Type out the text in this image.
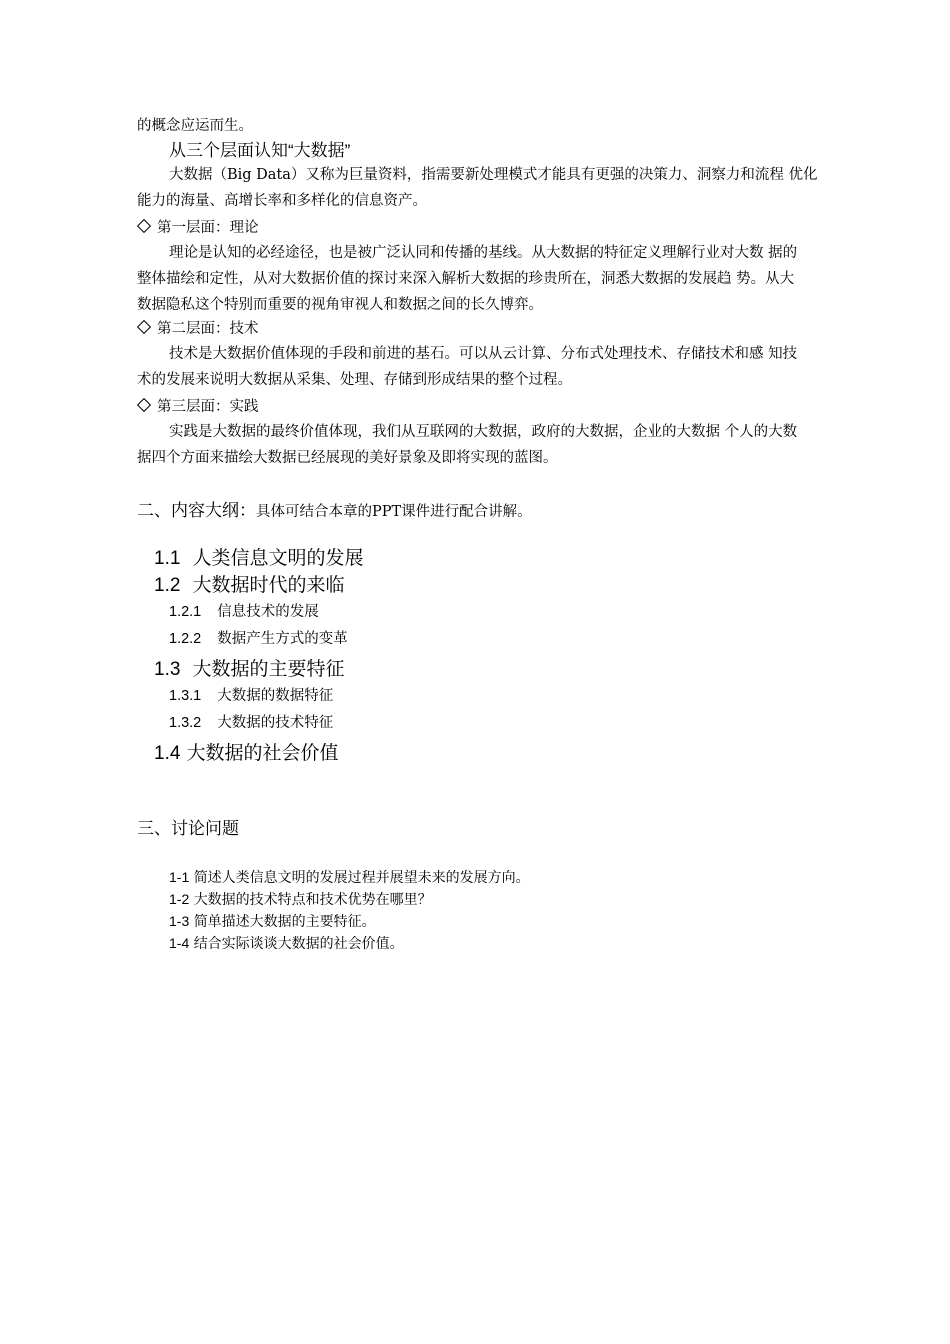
的概念应运而生。
从三个层面认知“大数据”
大数据（Big Data）又称为巨量资料，指需要新处理模式才能具有更强的决策力、洞察力和流程 优化
能力的海量、高增长率和多样化的信息资产。
第一层面：理论
理论是认知的必经途径，也是被广泛认同和传播的基线。从大数据的特征定义理解行业对大数 据的
整体描绘和定性，从对大数据价值的探讨来深入解析大数据的珍贵所在，洞悉大数据的发展趋 势。从大
数据隐私这个特别而重要的视角审视人和数据之间的长久博弈。
第二层面：技术
技术是大数据价值体现的手段和前进的基石。可以从云计算、分布式处理技术、存储技术和感 知技
术的发展来说明大数据从采集、处理、存储到形成结果的整个过程。
第三层面：实践
实践是大数据的最终价值体现，我们从互联网的大数据，政府的大数据，企业的大数据 个人的大数
据四个方面来描绘大数据已经展现的美好景象及即将实现的蓝图。
二、内容大纲：具体可结合本章的PPT课件进行配合讲解。
1.1 人类信息文明的发展
1.2 大数据时代的来临
1.2.1 信息技术的发展
1.2.2 数据产生方式的变革
1.3 大数据的主要特征
1.3.1 大数据的数据特征
1.3.2 大数据的技术特征
1.4 大数据的社会价值
三、讨论问题
1-1 简述人类信息文明的发展过程并展望未来的发展方向。
1-2 大数据的技术特点和技术优势在哪里？
1-3 简单描述大数据的主要特征。
1-4 结合实际谈谈大数据的社会价值。
